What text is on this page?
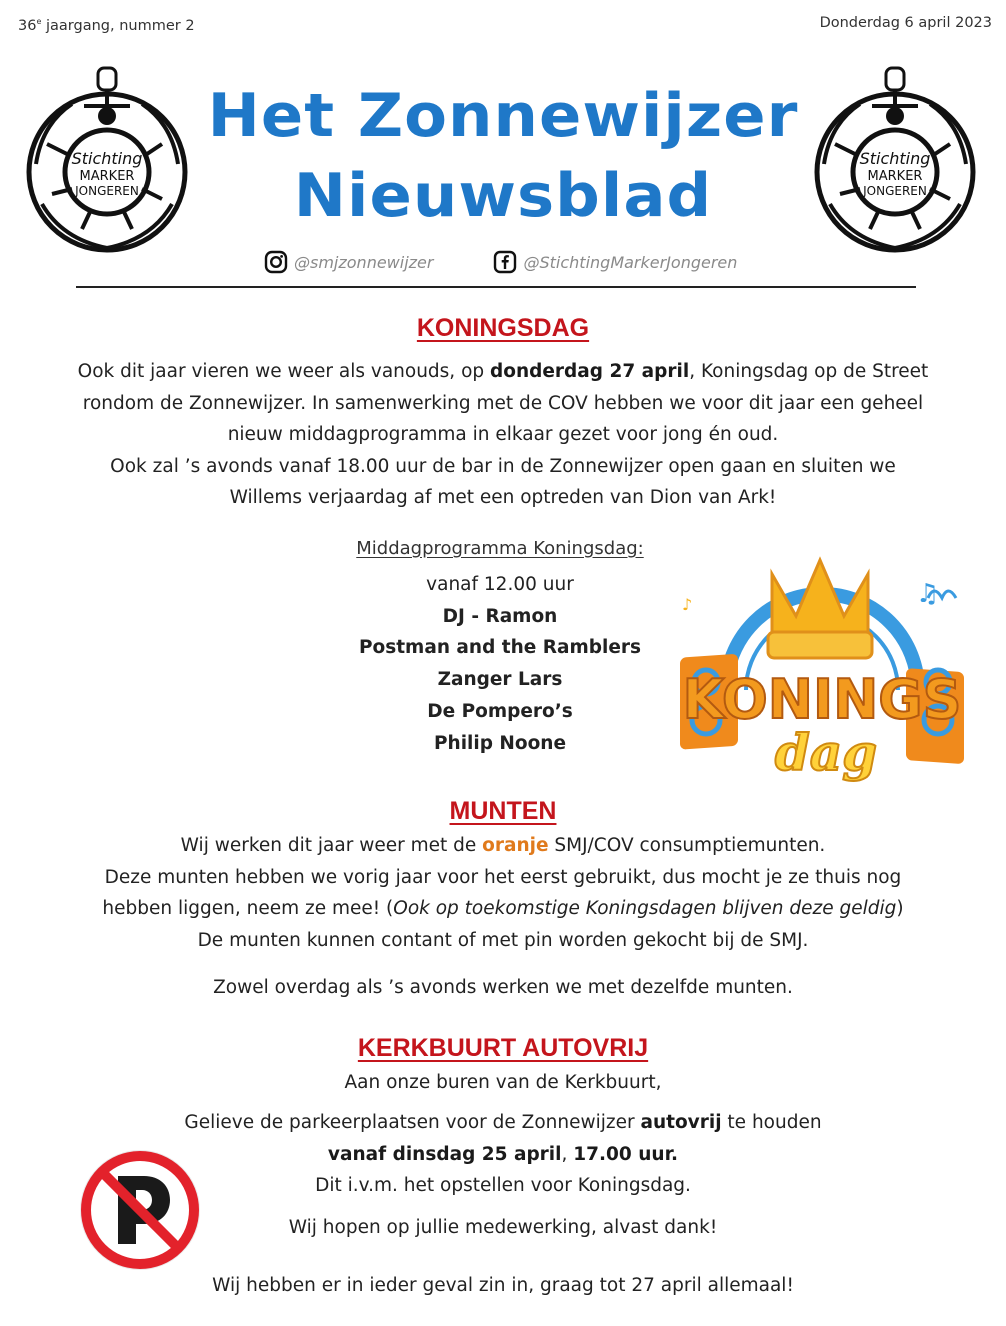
36e jaargang, nummer 2	Donderdag 6 april 2023
Stichting
MARKER
JONGEREN
Stichting
MARKER
JONGEREN
Het Zonnewijzer
Nieuwsblad
@smjzonnewijzer	@StichtingMarkerJongeren
KONINGSDAG
Ook dit jaar vieren we weer als vanouds, op donderdag 27 april, Koningsdag op de Street
rondom de Zonnewijzer. In samenwerking met de COV hebben we voor dit jaar een geheel
nieuw middagprogramma in elkaar gezet voor jong én oud.
Ook zal ’s avonds vanaf 18.00 uur de bar in de Zonnewijzer open gaan en sluiten we
Willems verjaardag af met een optreden van Dion van Ark!
Middagprogramma Koningsdag:
vanaf 12.00 uur
DJ - Ramon
Postman and the Ramblers
Zanger Lars
De Pompero’s
Philip Noone
KONINGS
dag
♫
♪
MUNTEN
Wij werken dit jaar weer met de oranje SMJ/COV consumptiemunten.
Deze munten hebben we vorig jaar voor het eerst gebruikt, dus mocht je ze thuis nog
hebben liggen, neem ze mee! (Ook op toekomstige Koningsdagen blijven deze geldig)
De munten kunnen contant of met pin worden gekocht bij de SMJ.
Zowel overdag als ’s avonds werken we met dezelfde munten.
KERKBUURT AUTOVRIJ
Aan onze buren van de Kerkbuurt,
Gelieve de parkeerplaatsen voor de Zonnewijzer autovrij te houden
vanaf dinsdag 25 april, 17.00 uur.
Dit i.v.m. het opstellen voor Koningsdag.
Wij hopen op jullie medewerking, alvast dank!
Wij hebben er in ieder geval zin in, graag tot 27 april allemaal!
